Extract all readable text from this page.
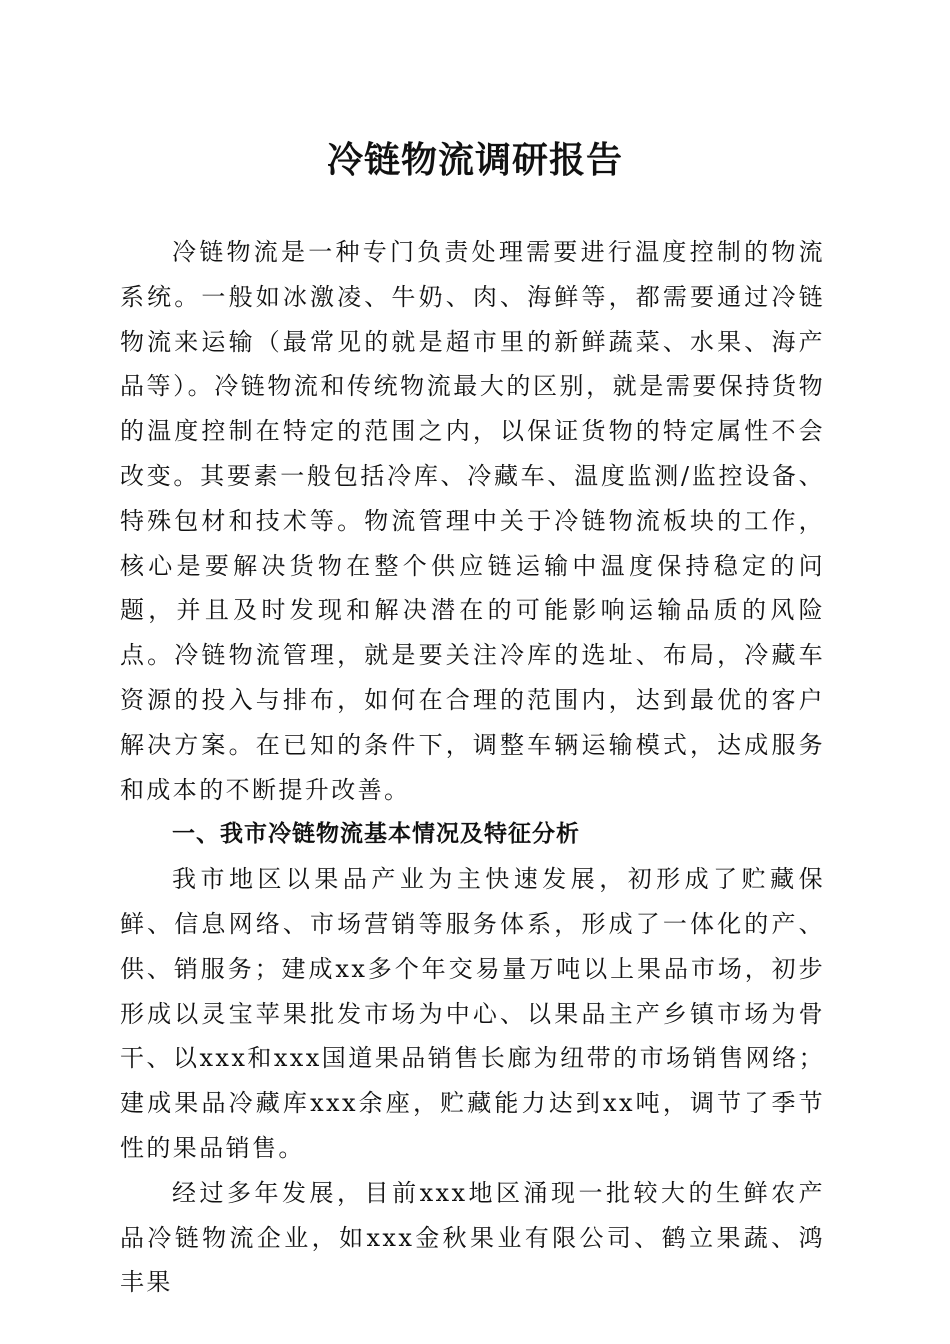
冷链物流调研报告

冷链物流是一种专门负责处理需要进行温度控制的物流系统。一般如冰激凌、牛奶、肉、海鲜等，都需要通过冷链物流来运输（最常见的就是超市里的新鲜蔬菜、水果、海产品等）。冷链物流和传统物流最大的区别，就是需要保持货物的温度控制在特定的范围之内，以保证货物的特定属性不会改变。其要素一般包括冷库、冷藏车、温度监测/监控设备、特殊包材和技术等。物流管理中关于冷链物流板块的工作，核心是要解决货物在整个供应链运输中温度保持稳定的问题，并且及时发现和解决潜在的可能影响运输品质的风险点。冷链物流管理，就是要关注冷库的选址、布局，冷藏车资源的投入与排布，如何在合理的范围内，达到最优的客户解决方案。在已知的条件下，调整车辆运输模式，达成服务和成本的不断提升改善。

一、我市冷链物流基本情况及特征分析

我市地区以果品产业为主快速发展，初形成了贮藏保鲜、信息网络、市场营销等服务体系，形成了一体化的产、供、销服务；建成xx多个年交易量万吨以上果品市场，初步形成以灵宝苹果批发市场为中心、以果品主产乡镇市场为骨干、以xxx和xxx国道果品销售长廊为纽带的市场销售网络；建成果品冷藏库xxx余座，贮藏能力达到xx吨，调节了季节性的果品销售。

经过多年发展，目前xxx地区涌现一批较大的生鲜农产品冷链物流企业，如xxx金秋果业有限公司、鹤立果蔬、鸿丰果
